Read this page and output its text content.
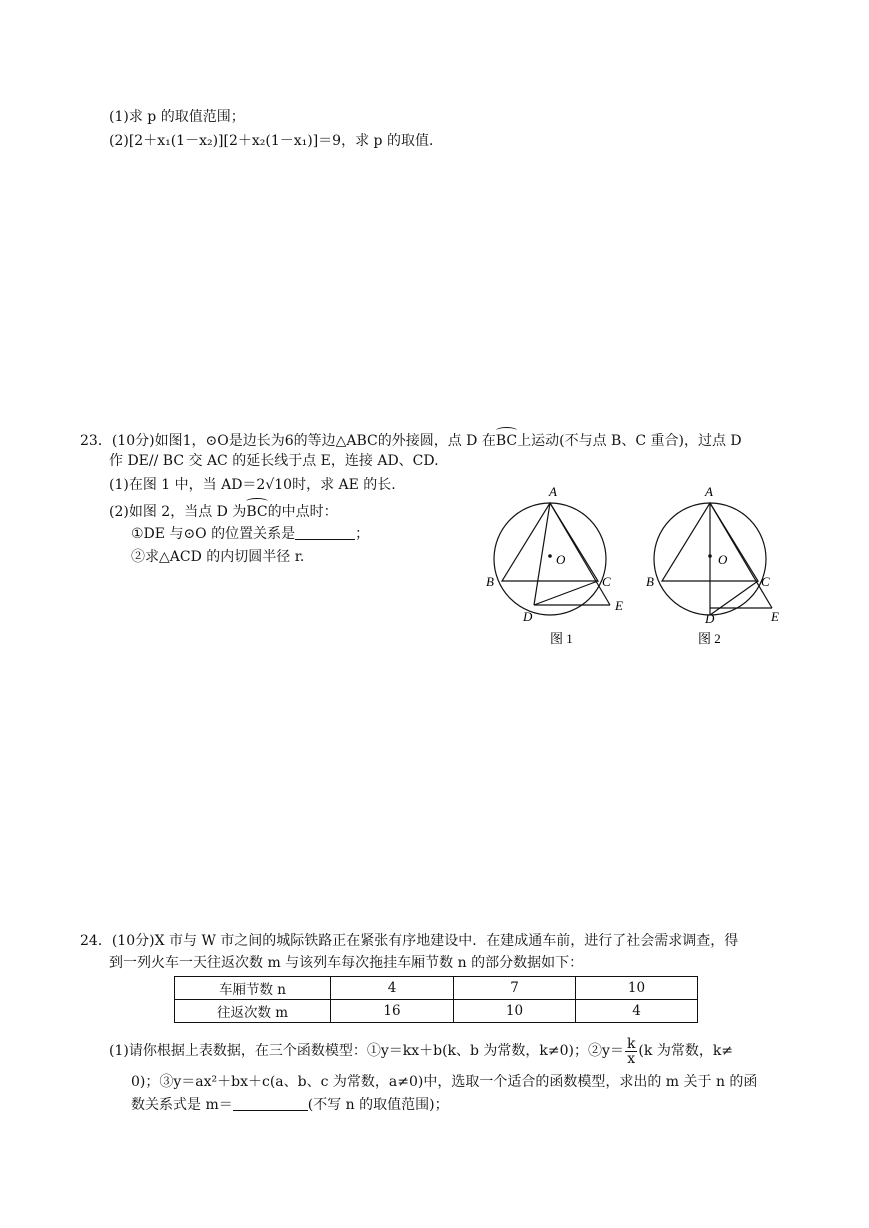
(1)求 p 的取值范围；
(2)[2＋x₁(1－x₂)][2＋x₂(1－x₁)]＝9，求 p 的取值．
23．(10分)如图1，⊙O是边长为6的等边△ABC的外接圆，点 D 在BC上运动(不与点 B、C 重合)，过点 D
作 DE// BC 交 AC 的延长线于点 E，连接 AD、CD.
(1)在图 1 中，当 AD＝2√10时，求 AE 的长.
(2)如图 2，当点 D 为BC的中点时：
①DE 与⊙O 的位置关系是	；
②求△ACD 的内切圆半径 r.
A
O
B	C
D
E
图 1
A
O
B	C
D	E
图 2
24．(10分)X 市与 W 市之间的城际铁路正在紧张有序地建设中．在建成通车前，进行了社会需求调查，得
到一列火车一天往返次数 m 与该列车每次拖挂车厢节数 n 的部分数据如下：
车厢节数 n	4	7	10
往返次数 m	16	10	4
(1)请你根据上表数据，在三个函数模型：①y＝kx＋b(k、b 为常数，k≠0)；②y＝ $\frac{k}{x} (k$ 为常数，k≠
0)；③y＝ax²＋bx＋c(a、b、c 为常数，a≠0)中，选取一个适合的函数模型，求出的 m 关于 n 的函
数关系式是 m＝	(不写 n 的取值范围)；
